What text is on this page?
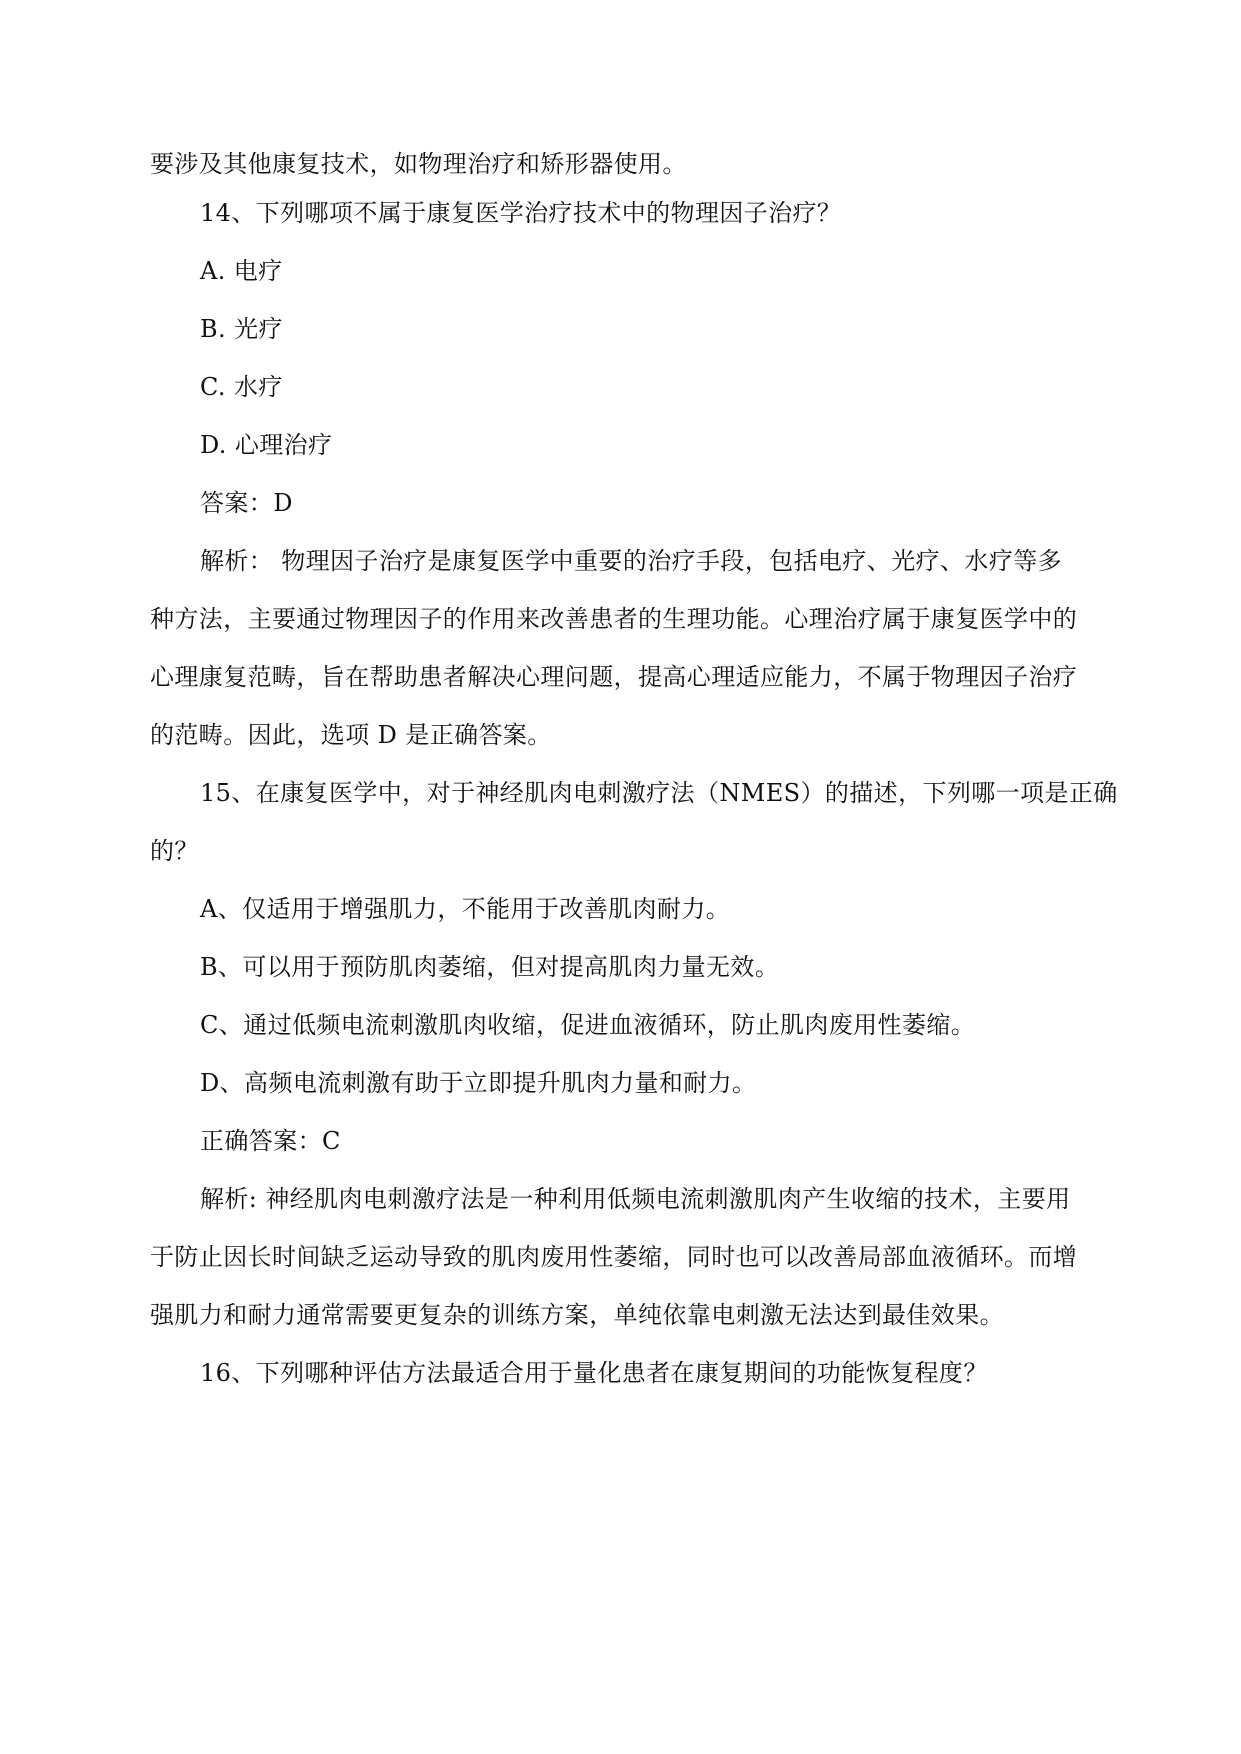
要涉及其他康复技术，如物理治疗和矫形器使用。
14、下列哪项不属于康复医学治疗技术中的物理因子治疗？
A. 电疗
B. 光疗
C. 水疗
D. 心理治疗
答案：D
解析： 物理因子治疗是康复医学中重要的治疗手段，包括电疗、光疗、水疗等多
种方法，主要通过物理因子的作用来改善患者的生理功能。心理治疗属于康复医学中的
心理康复范畴，旨在帮助患者解决心理问题，提高心理适应能力，不属于物理因子治疗
的范畴。因此，选项 D 是正确答案。
15、在康复医学中，对于神经肌肉电刺激疗法（NMES）的描述，下列哪一项是正确
的？
A、仅适用于增强肌力，不能用于改善肌肉耐力。
B、可以用于预防肌肉萎缩，但对提高肌肉力量无效。
C、通过低频电流刺激肌肉收缩，促进血液循环，防止肌肉废用性萎缩。
D、高频电流刺激有助于立即提升肌肉力量和耐力。
正确答案：C
解析: 神经肌肉电刺激疗法是一种利用低频电流刺激肌肉产生收缩的技术，主要用
于防止因长时间缺乏运动导致的肌肉废用性萎缩，同时也可以改善局部血液循环。而增
强肌力和耐力通常需要更复杂的训练方案，单纯依靠电刺激无法达到最佳效果。
16、下列哪种评估方法最适合用于量化患者在康复期间的功能恢复程度？
